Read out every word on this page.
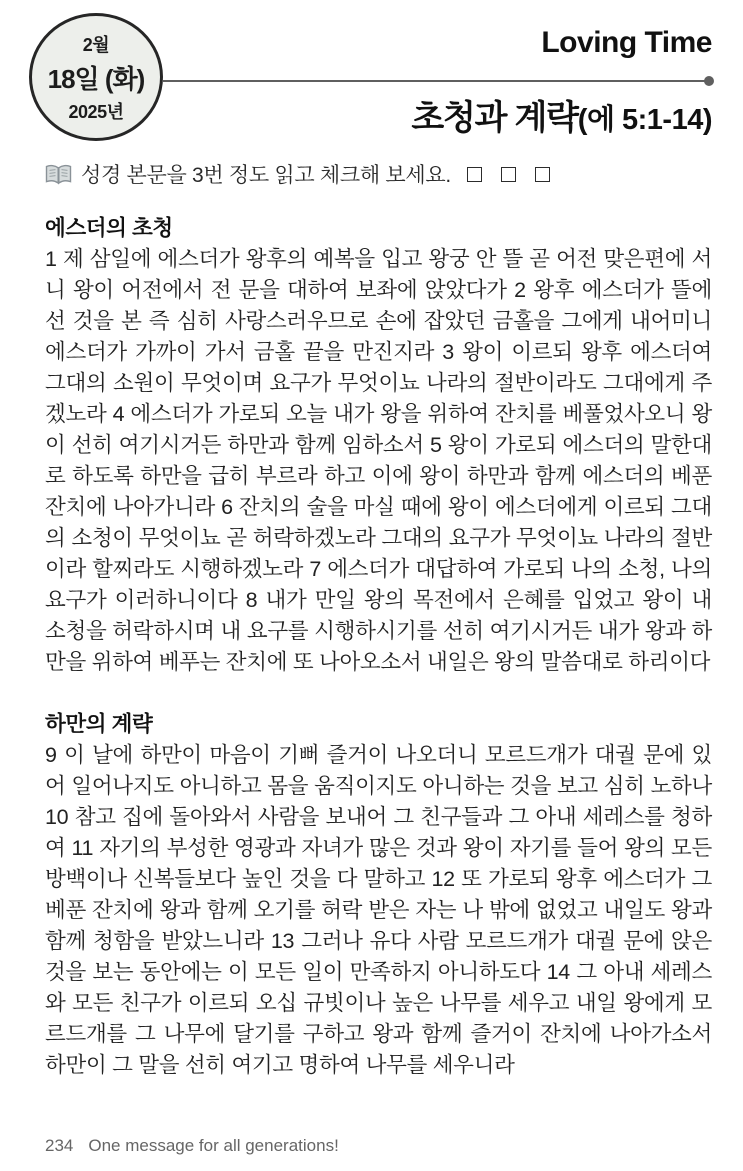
2월
18일 (화)
2025년
Loving Time
초청과 계략(에 5:1-14)
성경 본문을 3번 정도 읽고 체크해 보세요.
에스더의 초청

1 제 삼일에 에스더가 왕후의 예복을 입고 왕궁 안 뜰 곧 어전 맞은편에 서니 왕이 어전에서 전 문을 대하여 보좌에 앉았다가 2 왕후 에스더가 뜰에 선 것을 본 즉 심히 사랑스러우므로 손에 잡았던 금홀을 그에게 내어미니 에스더가 가까이 가서 금홀 끝을 만진지라 3 왕이 이르되 왕후 에스더여 그대의 소원이 무엇이며 요구가 무엇이뇨 나라의 절반이라도 그대에게 주겠노라 4 에스더가 가로되 오늘 내가 왕을 위하여 잔치를 베풀었사오니 왕이 선히 여기시거든 하만과 함께 임하소서 5 왕이 가로되 에스더의 말한대로 하도록 하만을 급히 부르라 하고 이에 왕이 하만과 함께 에스더의 베푼 잔치에 나아가니라 6 잔치의 술을 마실 때에 왕이 에스더에게 이르되 그대의 소청이 무엇이뇨 곧 허락하겠노라 그대의 요구가 무엇이뇨 나라의 절반이라 할찌라도 시행하겠노라 7 에스더가 대답하여 가로되 나의 소청, 나의 요구가 이러하니이다 8 내가 만일 왕의 목전에서 은혜를 입었고 왕이 내 소청을 허락하시며 내 요구를 시행하시기를 선히 여기시거든 내가 왕과 하만을 위하여 베푸는 잔치에 또 나아오소서 내일은 왕의 말씀대로 하리이다

하만의 계략

9 이 날에 하만이 마음이 기뻐 즐거이 나오더니 모르드개가 대궐 문에 있어 일어나지도 아니하고 몸을 움직이지도 아니하는 것을 보고 심히 노하나 10 참고 집에 돌아와서 사람을 보내어 그 친구들과 그 아내 세레스를 청하여 11 자기의 부성한 영광과 자녀가 많은 것과 왕이 자기를 들어 왕의 모든 방백이나 신복들보다 높인 것을 다 말하고 12 또 가로되 왕후 에스더가 그 베푼 잔치에 왕과 함께 오기를 허락 받은 자는 나 밖에 없었고 내일도 왕과 함께 청함을 받았느니라 13 그러나 유다 사람 모르드개가 대궐 문에 앉은 것을 보는 동안에는 이 모든 일이 만족하지 아니하도다 14 그 아내 세레스와 모든 친구가 이르되 오십 규빗이나 높은 나무를 세우고 내일 왕에게 모르드개를 그 나무에 달기를 구하고 왕과 함께 즐거이 잔치에 나아가소서 하만이 그 말을 선히 여기고 명하여 나무를 세우니라

234 One message for all generations!
